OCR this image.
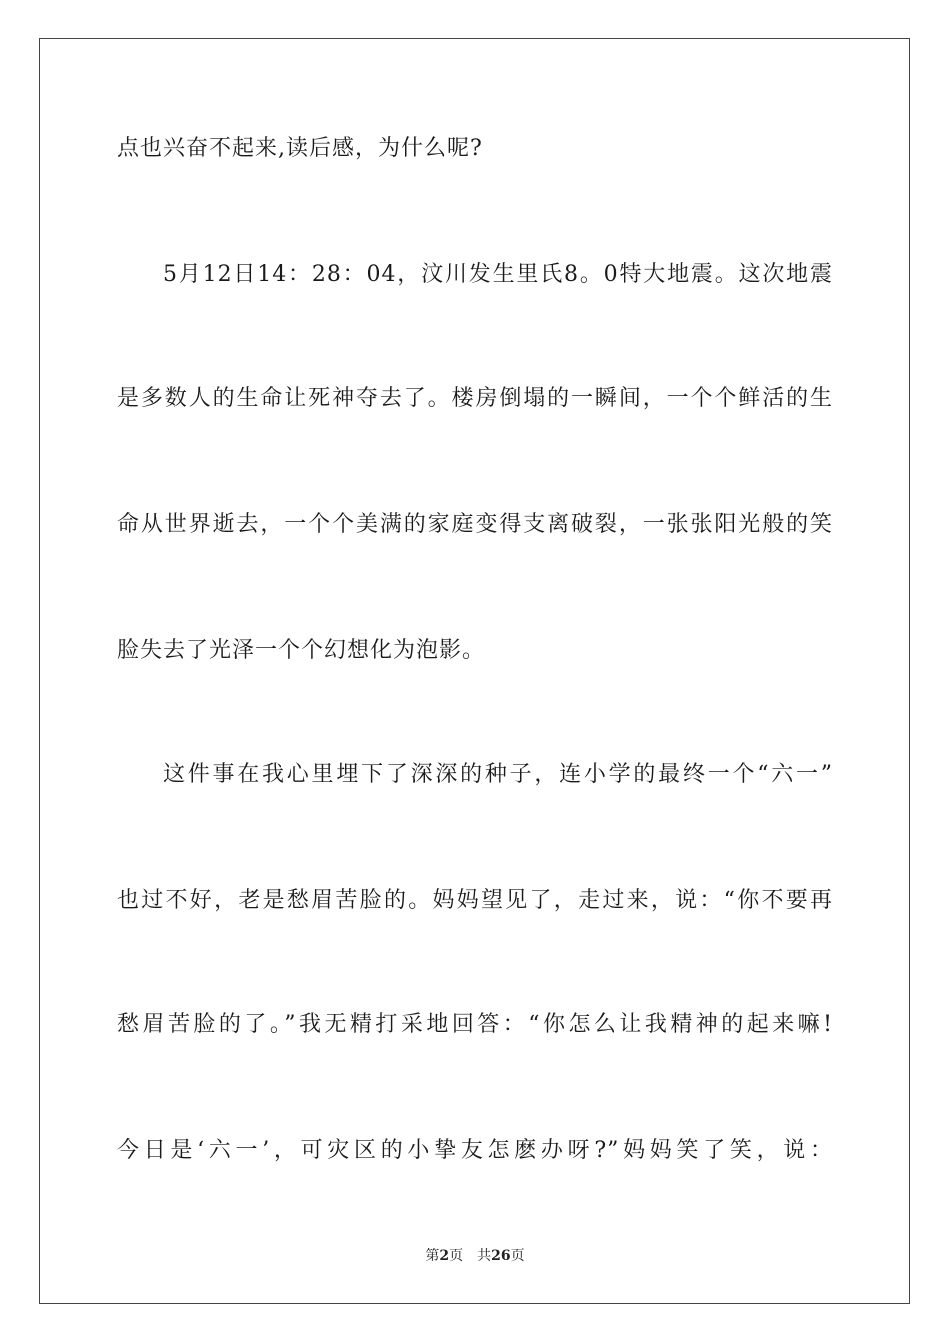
点也兴奋不起来,读后感，为什么呢?
5月12日14：28：04，汶川发生里氏8。0特大地震。这次地震
是多数人的生命让死神夺去了。楼房倒塌的一瞬间，一个个鲜活的生
命从世界逝去，一个个美满的家庭变得支离破裂，一张张阳光般的笑
脸失去了光泽一个个幻想化为泡影。
这件事在我心里埋下了深深的种子，连小学的最终一个“六一”
也过不好，老是愁眉苦脸的。妈妈望见了，走过来，说：“你不要再
愁眉苦脸的了。”我无精打采地回答：“你怎么让我精神的起来嘛!
今日是‘六一’，可灾区的小挚友怎麽办呀?”妈妈笑了笑，说：
第2页 共26页
